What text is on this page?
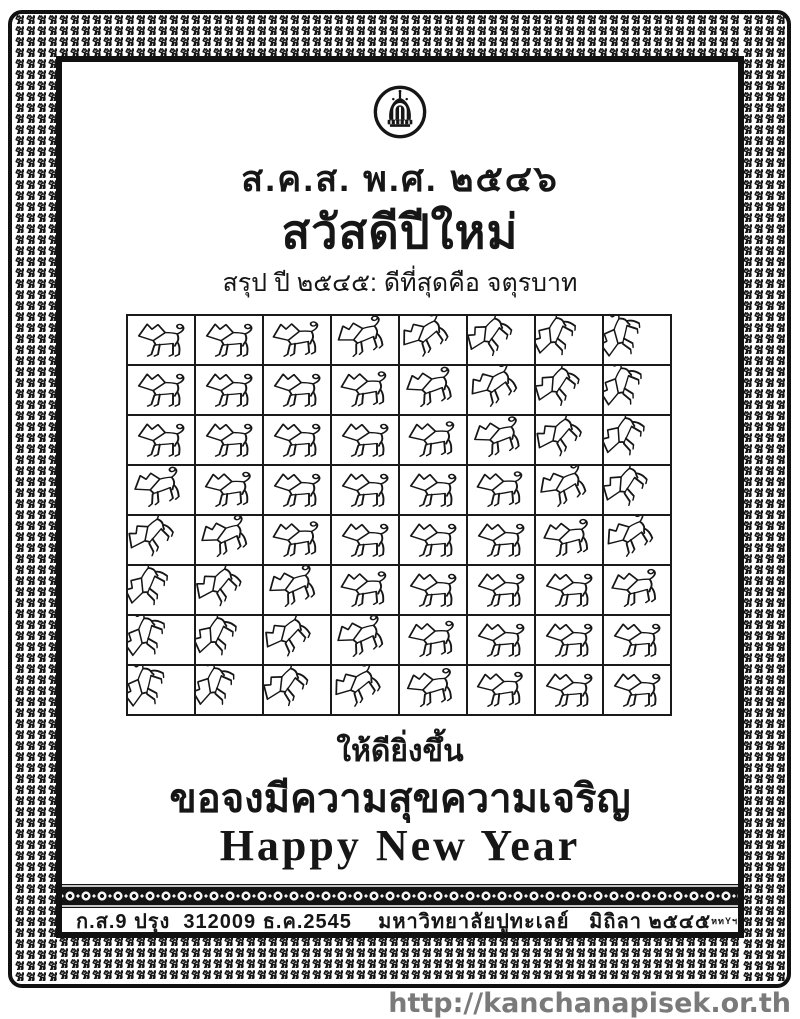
ส.ค.ส. พ.ศ. ๒๕๔๖
สวัสดีปีใหม่
สรุป ปี ๒๕๔๕: ดีที่สุดคือ จตุรบาท
ให้ดียิ่งขึ้น
ขอจงมีความสุขความเจริญ
Happy New Year
ก.ส.9 ปรุง  312009 ธ.ค.2545    มหาวิทยาลัยปูทะเลย์   มิถิลา ๒๕๔๕ หทYฯ
http://kanchanapisek.or.th
